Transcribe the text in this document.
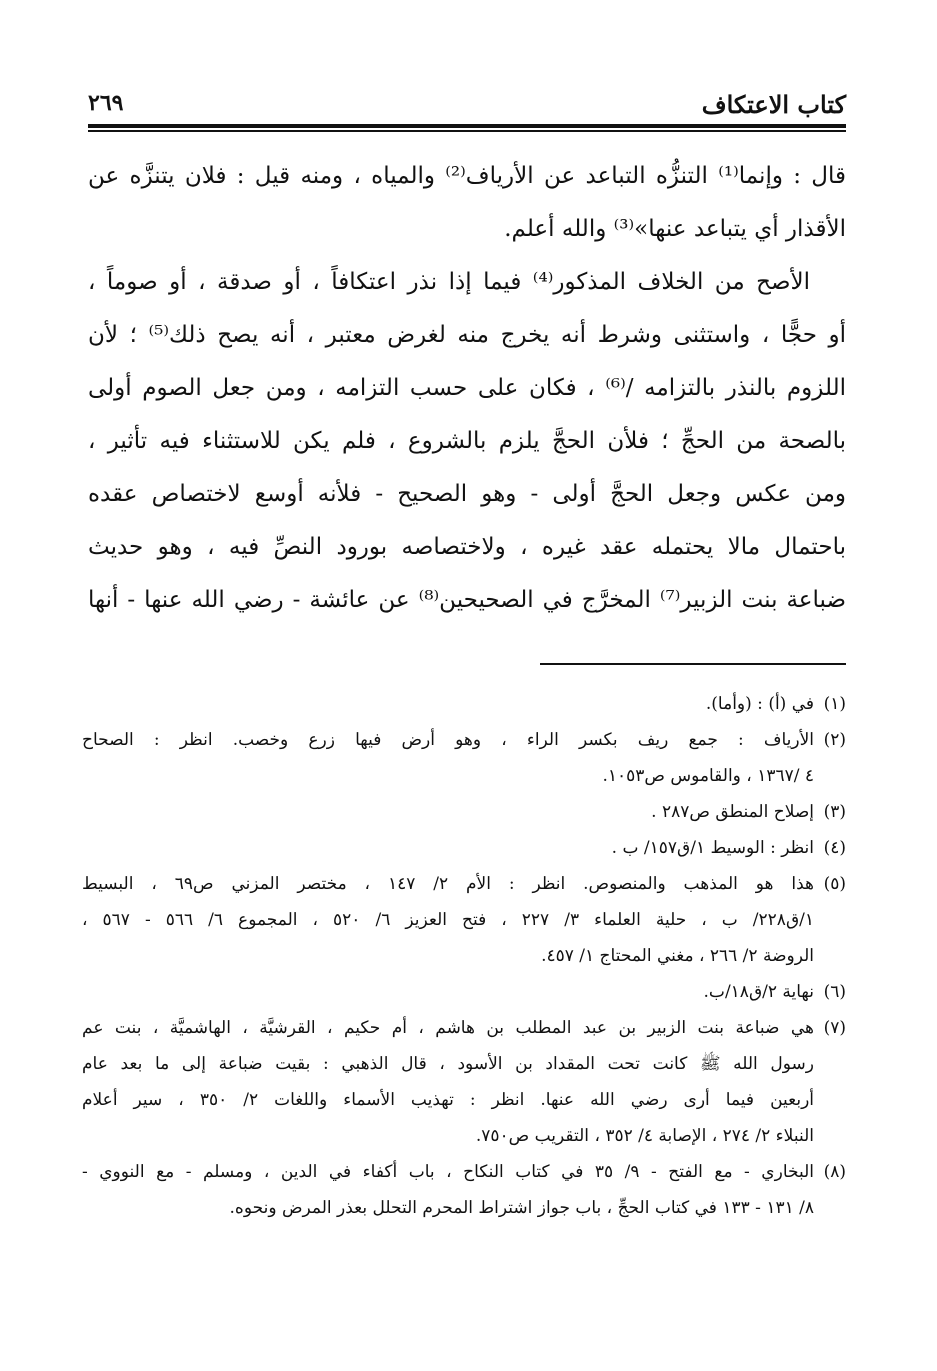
كتاب الاعتكاف
٢٦٩
قال : وإنما⁽¹⁾ التنزُّه التباعد عن الأرياف⁽²⁾ والمياه ، ومنه قيل : فلان يتنزَّه عن
الأقذار أي يتباعد عنها»⁽³⁾ والله أعلم.
الأصح من الخلاف المذكور⁽⁴⁾ فيما إذا نذر اعتكافاً ، أو صدقة ، أو صوماً ،
أو حجًّا ، واستثنى وشرط أنه يخرج منه لغرض معتبر ، أنه يصح ذلك⁽⁵⁾ ؛ لأن
اللزوم بالنذر بالتزامه /⁽⁶⁾ ، فكان على حسب التزامه ، ومن جعل الصوم أولى
بالصحة من الحجِّ ؛ فلأن الحجَّ يلزم بالشروع ، فلم يكن للاستثناء فيه تأثير ،
ومن عكس وجعل الحجَّ أولى - وهو الصحيح - فلأنه أوسع لاختصاص عقده
باحتمال مالا يحتمله عقد غيره ، ولاختصاصه بورود النصِّ فيه ، وهو حديث
ضباعة بنت الزبير⁽⁷⁾ المخرَّج في الصحيحين⁽⁸⁾ عن عائشة - رضي الله عنها - أنها
(١)
في (أ) : (وأما).
(٢)
الأرياف : جمع ريف بكسر الراء ، وهو أرض فيها زرع وخصب. انظر : الصحاح
٤ /١٣٦٧ ، والقاموس ص١٠٥٣.
(٣)
إصلاح المنطق ص٢٨٧ .
(٤)
انظر : الوسيط ١/ق١٥٧/ ب .
(٥)
هذا هو المذهب والمنصوص. انظر : الأم ٢/ ١٤٧ ، مختصر المزني ص٦٩ ، البسيط
١/ق٢٢٨/ ب ، حلية العلماء ٣/ ٢٢٧ ، فتح العزيز ٦/ ٥٢٠ ، المجموع ٦/ ٥٦٦ - ٥٦٧ ،
الروضة ٢/ ٢٦٦ ، مغني المحتاج ١/ ٤٥٧.
(٦)
نهاية ٢/ق١٨/ب.
(٧)
هي ضباعة بنت الزبير بن عبد المطلب بن هاشم ، أم حكيم ، القرشيَّة ، الهاشميَّة ، بنت عم
رسول الله ﷺ كانت تحت المقداد بن الأسود ، قال الذهبي : بقيت ضباعة إلى ما بعد عام
أربعين فيما أرى رضي الله عنها. انظر : تهذيب الأسماء واللغات ٢/ ٣٥٠ ، سير أعلام
النبلاء ٢/ ٢٧٤ ، الإصابة ٤/ ٣٥٢ ، التقريب ص٧٥٠.
(٨)
البخاري - مع الفتح - ٩/ ٣٥ في كتاب النكاح ، باب أكفاء في الدين ، ومسلم - مع النووي -
٨/ ١٣١ - ١٣٣ في كتاب الحجِّ ، باب جواز اشتراط المحرم التحلل بعذر المرض ونحوه.
